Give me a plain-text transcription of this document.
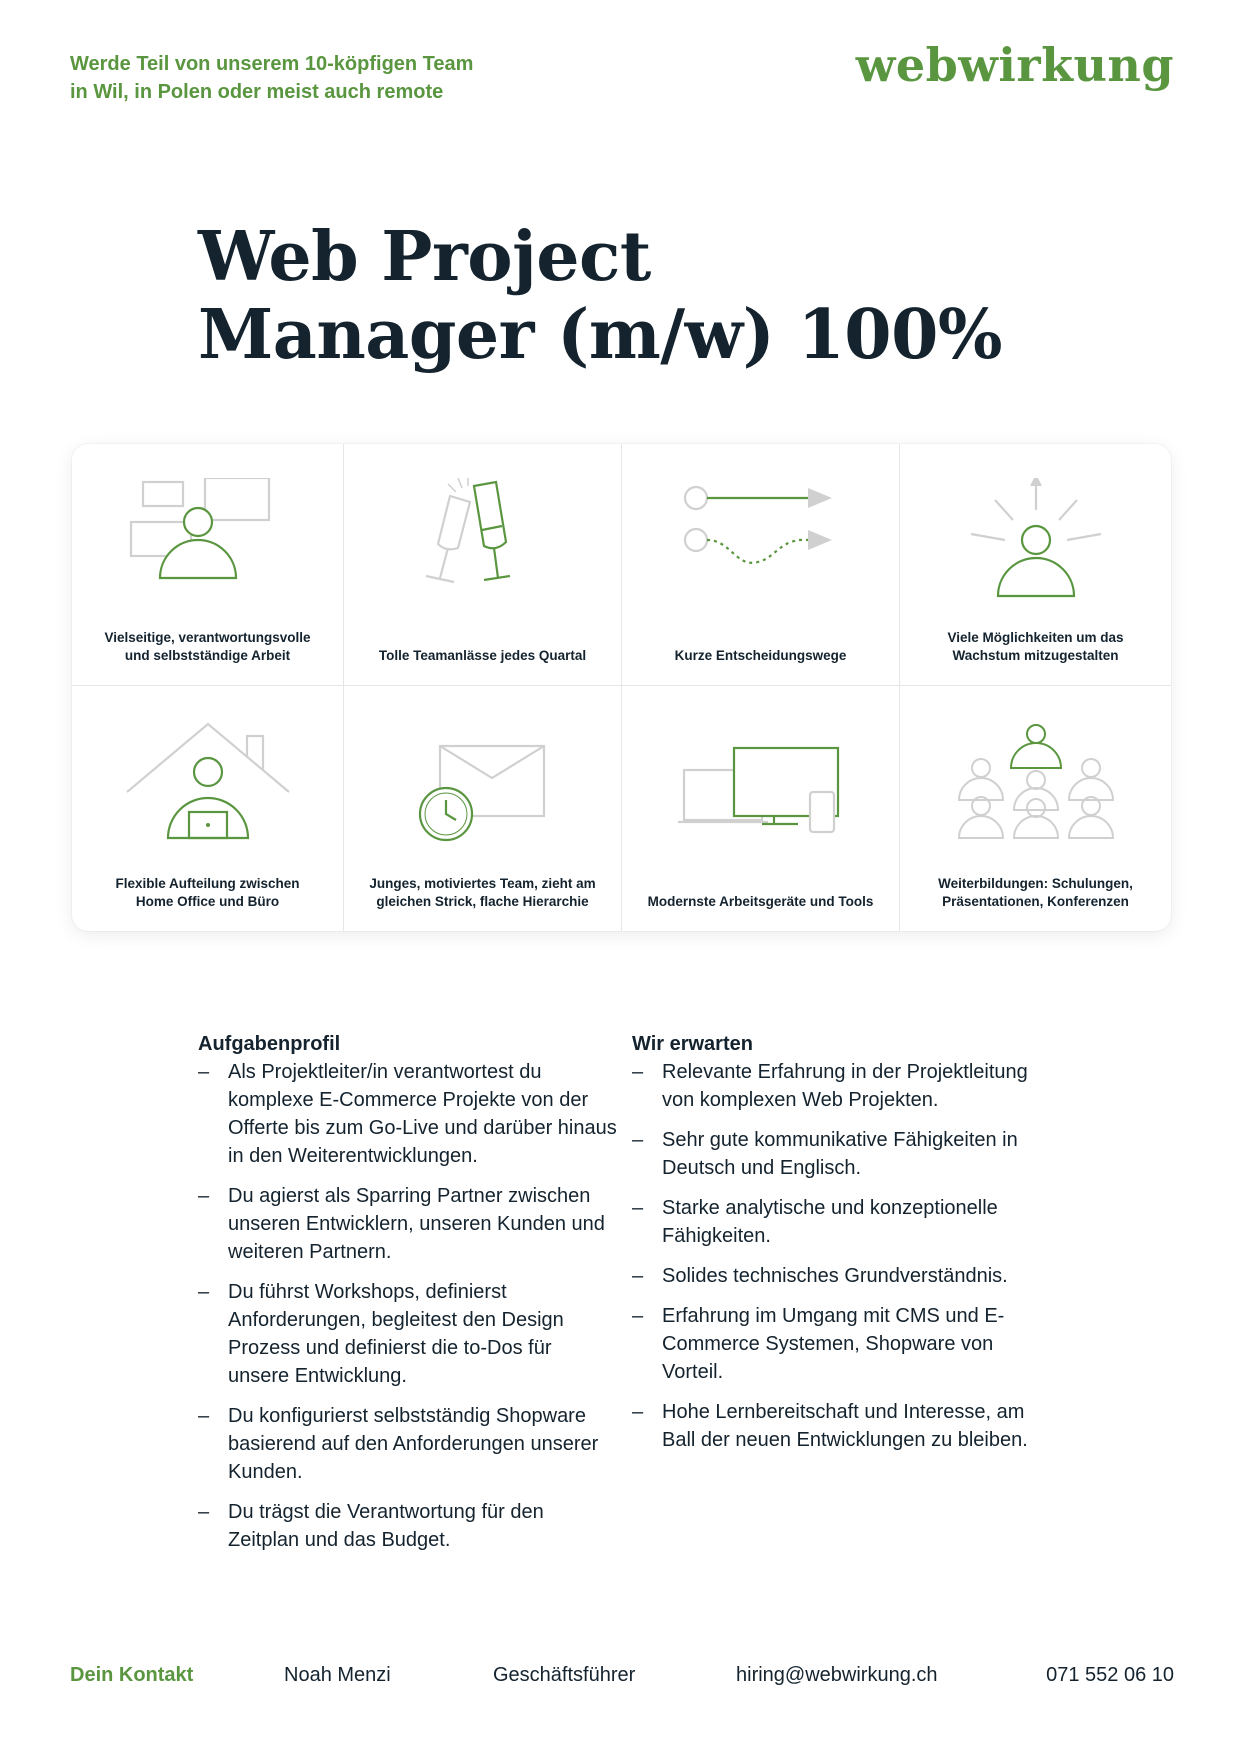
Werde Teil von unserem 10-köpfigen Team
in Wil, in Polen oder meist auch remote	webwirkung
Web Project
Manager (m/w) 100%
Vielseitige, verantwortungsvolle
und selbstständige Arbeit	Tolle Teamanlässe jedes Quartal	Kurze Entscheidungswege
Viele Möglichkeiten um das
Wachstum mitzugestalten
Flexible Aufteilung zwischen
Home Office und Büro
Junges, motiviertes Team, zieht am
gleichen Strick, flache Hierarchie	Modernste Arbeitsgeräte und Tools
Weiterbildungen: Schulungen,
Präsentationen, Konferenzen
Aufgabenprofil
– Als Projektleiter/in verantwortest du komplexe E-Commerce Projekte von der Offerte bis zum Go-Live und darüber hinaus in den Weiterentwicklungen.
– Du agierst als Sparring Partner zwischen unseren Entwicklern, unseren Kunden und weiteren Partnern.
– Du führst Workshops, definierst Anforderungen, begleitest den Design Prozess und definierst die to-Dos für unsere Entwicklung.
– Du konfigurierst selbstständig Shopware basierend auf den Anforderungen unserer Kunden.
– Du trägst die Verantwortung für den Zeitplan und das Budget.
Wir erwarten
– Relevante Erfahrung in der Projektleitung von komplexen Web Projekten.
– Sehr gute kommunikative Fähigkeiten in Deutsch und Englisch.
– Starke analytische und konzeptionelle Fähigkeiten.
– Solides technisches Grundverständnis.
– Erfahrung im Umgang mit CMS und E-Commerce Systemen, Shopware von Vorteil.
– Hohe Lernbereitschaft und Interesse, am Ball der neuen Entwicklungen zu bleiben.
Dein Kontakt	Noah Menzi	Geschäftsführer	hiring@webwirkung.ch	071 552 06 10
